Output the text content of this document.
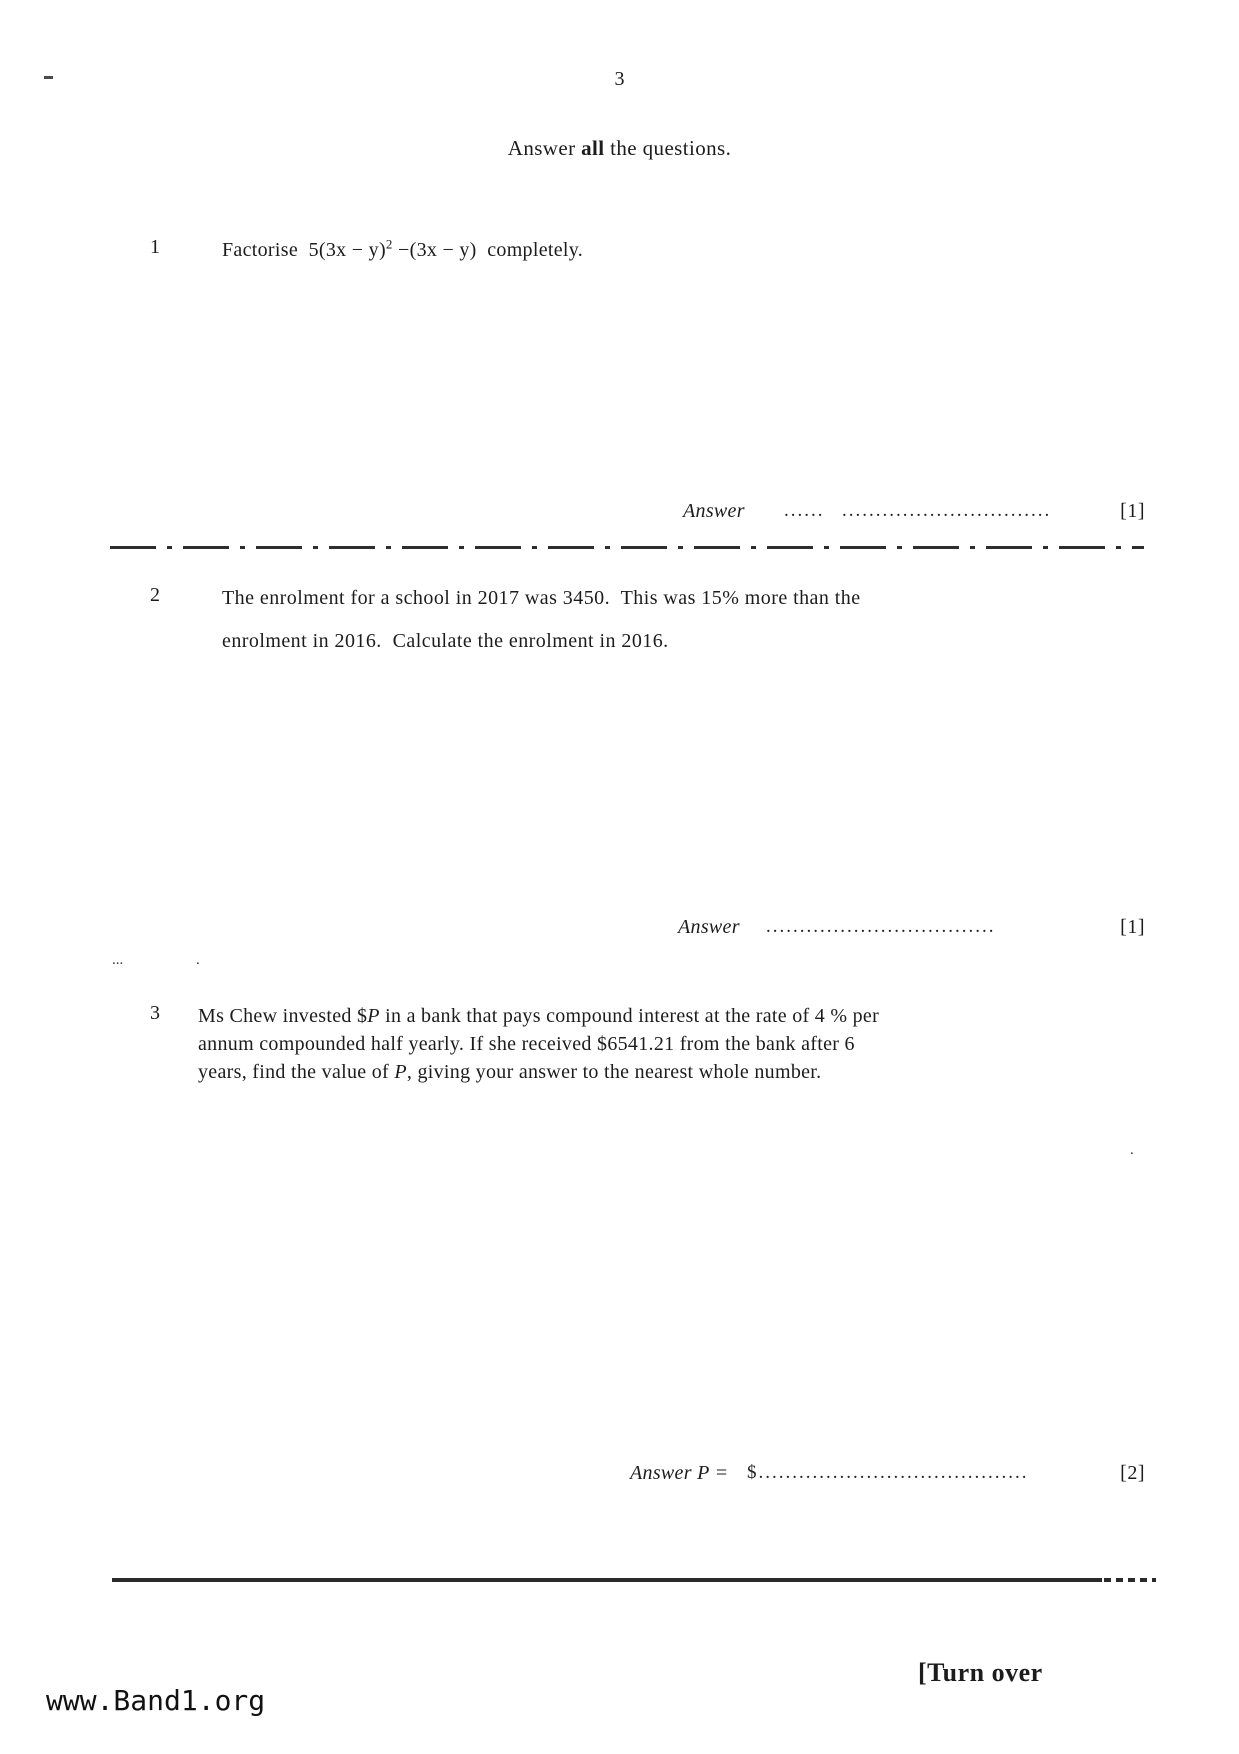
3
Answer all the questions.
1	Factorise  $5(3x - y)^2 -(3x - y)$  completely.
Answer ...... ...............................	[1]
2	The enrolment for a school in 2017 was 3450.  This was 15% more than the
enrolment in 2016.  Calculate the enrolment in 2016.
Answer ..................................	[1]
...	.
3	Ms Chew invested $P in a bank that pays compound interest at the rate of 4 % per
annum compounded half yearly. If she received $6541.21 from the bank after 6
years, find the value of P, giving your answer to the nearest whole number.
.
Answer P = $........................................	[2]
[Turn over
www.Band1.org
